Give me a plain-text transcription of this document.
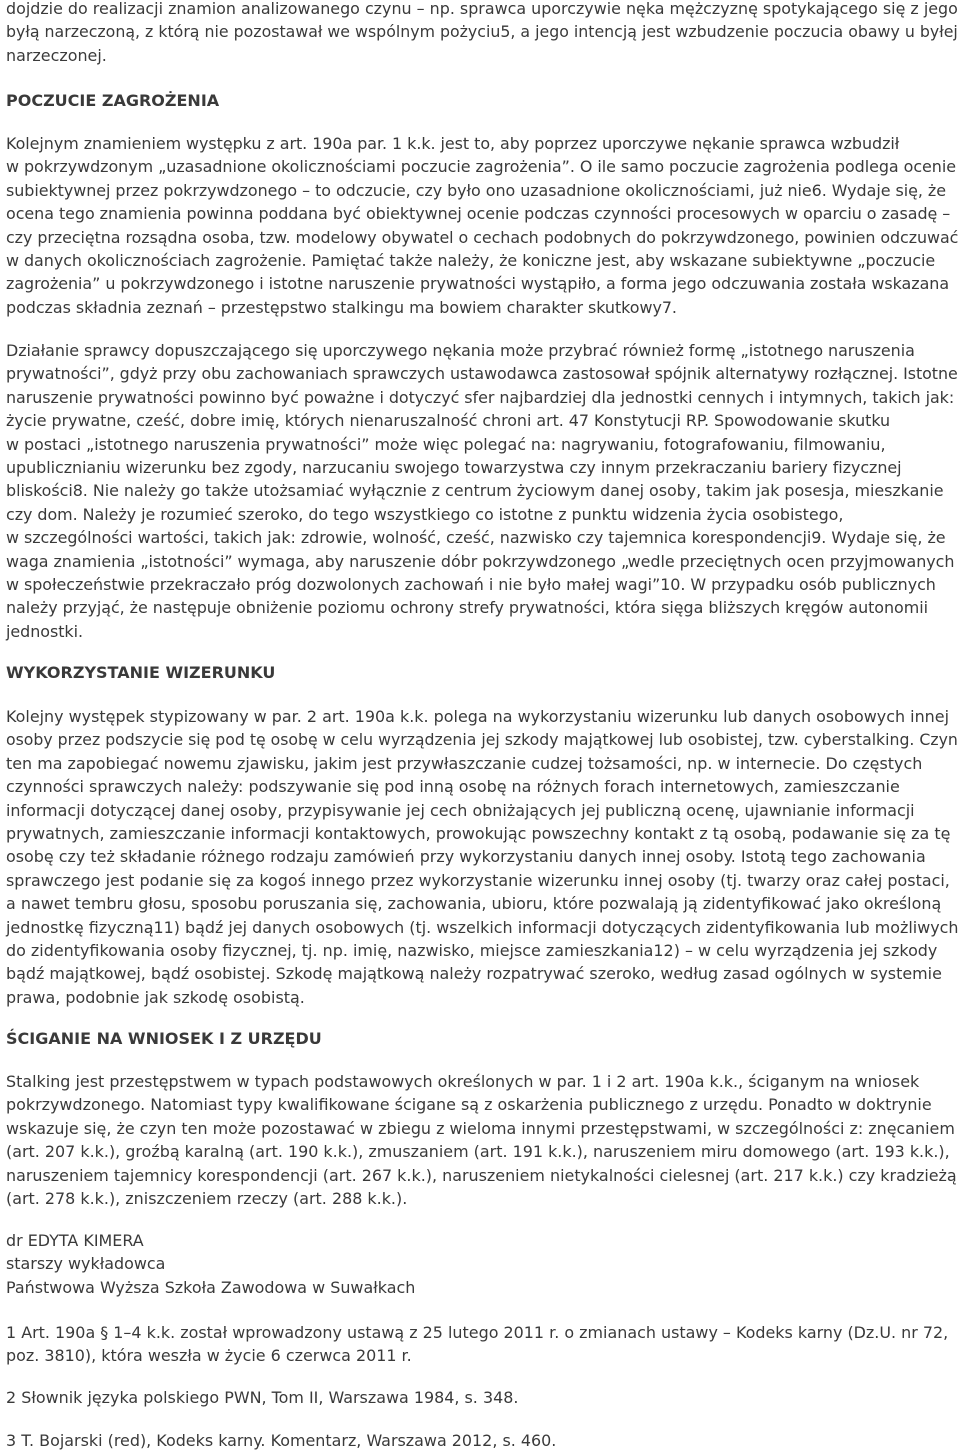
dojdzie do realizacji znamion analizowanego czynu – np. sprawca uporczywie nęka mężczyznę spotykającego się z jego
byłą narzeczoną, z którą nie pozostawał we wspólnym pożyciu5, a jego intencją jest wzbudzenie poczucia obawy u byłej
narzeczonej.
POCZUCIE ZAGROŻENIA
Kolejnym znamieniem występku z art. 190a par. 1 k.k. jest to, aby poprzez uporczywe nękanie sprawca wzbudził
w pokrzywdzonym „uzasadnione okolicznościami poczucie zagrożenia”. O ile samo poczucie zagrożenia podlega ocenie
subiektywnej przez pokrzywdzonego – to odczucie, czy było ono uzasadnione okolicznościami, już nie6. Wydaje się, że
ocena tego znamienia powinna poddana być obiektywnej ocenie podczas czynności procesowych w oparciu o zasadę –
czy przeciętna rozsądna osoba, tzw. modelowy obywatel o cechach podobnych do pokrzywdzonego, powinien odczuwać
w danych okolicznościach zagrożenie. Pamiętać także należy, że koniczne jest, aby wskazane subiektywne „poczucie
zagrożenia” u pokrzywdzonego i istotne naruszenie prywatności wystąpiło, a forma jego odczuwania została wskazana
podczas składnia zeznań – przestępstwo stalkingu ma bowiem charakter skutkowy7.
Działanie sprawcy dopuszczającego się uporczywego nękania może przybrać również formę „istotnego naruszenia
prywatności”, gdyż przy obu zachowaniach sprawczych ustawodawca zastosował spójnik alternatywy rozłącznej. Istotne
naruszenie prywatności powinno być poważne i dotyczyć sfer najbardziej dla jednostki cennych i intymnych, takich jak:
życie prywatne, cześć, dobre imię, których nienaruszalność chroni art. 47 Konstytucji RP. Spowodowanie skutku
w postaci „istotnego naruszenia prywatności” może więc polegać na: nagrywaniu, fotografowaniu, filmowaniu,
upublicznianiu wizerunku bez zgody, narzucaniu swojego towarzystwa czy innym przekraczaniu bariery fizycznej
bliskości8. Nie należy go także utożsamiać wyłącznie z centrum życiowym danej osoby, takim jak posesja, mieszkanie
czy dom. Należy je rozumieć szeroko, do tego wszystkiego co istotne z punktu widzenia życia osobistego,
w szczególności wartości, takich jak: zdrowie, wolność, cześć, nazwisko czy tajemnica korespondencji9. Wydaje się, że
waga znamienia „istotności” wymaga, aby naruszenie dóbr pokrzywdzonego „wedle przeciętnych ocen przyjmowanych
w społeczeństwie przekraczało próg dozwolonych zachowań i nie było małej wagi”10. W przypadku osób publicznych
należy przyjąć, że następuje obniżenie poziomu ochrony strefy prywatności, która sięga bliższych kręgów autonomii
jednostki.
WYKORZYSTANIE WIZERUNKU
Kolejny występek stypizowany w par. 2 art. 190a k.k. polega na wykorzystaniu wizerunku lub danych osobowych innej
osoby przez podszycie się pod tę osobę w celu wyrządzenia jej szkody majątkowej lub osobistej, tzw. cyberstalking. Czyn
ten ma zapobiegać nowemu zjawisku, jakim jest przywłaszczanie cudzej tożsamości, np. w internecie. Do częstych
czynności sprawczych należy: podszywanie się pod inną osobę na różnych forach internetowych, zamieszczanie
informacji dotyczącej danej osoby, przypisywanie jej cech obniżających jej publiczną ocenę, ujawnianie informacji
prywatnych, zamieszczanie informacji kontaktowych, prowokując powszechny kontakt z tą osobą, podawanie się za tę
osobę czy też składanie różnego rodzaju zamówień przy wykorzystaniu danych innej osoby. Istotą tego zachowania
sprawczego jest podanie się za kogoś innego przez wykorzystanie wizerunku innej osoby (tj. twarzy oraz całej postaci,
a nawet tembru głosu, sposobu poruszania się, zachowania, ubioru, które pozwalają ją zidentyfikować jako określoną
jednostkę fizyczną11) bądź jej danych osobowych (tj. wszelkich informacji dotyczących zidentyfikowania lub możliwych
do zidentyfikowania osoby fizycznej, tj. np. imię, nazwisko, miejsce zamieszkania12) – w celu wyrządzenia jej szkody
bądź majątkowej, bądź osobistej. Szkodę majątkową należy rozpatrywać szeroko, według zasad ogólnych w systemie
prawa, podobnie jak szkodę osobistą.
ŚCIGANIE NA WNIOSEK I Z URZĘDU
Stalking jest przestępstwem w typach podstawowych określonych w par. 1 i 2 art. 190a k.k., ściganym na wniosek
pokrzywdzonego. Natomiast typy kwalifikowane ścigane są z oskarżenia publicznego z urzędu. Ponadto w doktrynie
wskazuje się, że czyn ten może pozostawać w zbiegu z wieloma innymi przestępstwami, w szczególności z: znęcaniem
(art. 207 k.k.), groźbą karalną (art. 190 k.k.), zmuszaniem (art. 191 k.k.), naruszeniem miru domowego (art. 193 k.k.),
naruszeniem tajemnicy korespondencji (art. 267 k.k.), naruszeniem nietykalności cielesnej (art. 217 k.k.) czy kradzieżą
(art. 278 k.k.), zniszczeniem rzeczy (art. 288 k.k.).
dr EDYTA KIMERA
starszy wykładowca
Państwowa Wyższa Szkoła Zawodowa w Suwałkach
1 Art. 190a § 1–4 k.k. został wprowadzony ustawą z 25 lutego 2011 r. o zmianach ustawy – Kodeks karny (Dz.U. nr 72,
poz. 3810), która weszła w życie 6 czerwca 2011 r.
2 Słownik języka polskiego PWN, Tom II, Warszawa 1984, s. 348.
3 T. Bojarski (red), Kodeks karny. Komentarz, Warszawa 2012, s. 460.
